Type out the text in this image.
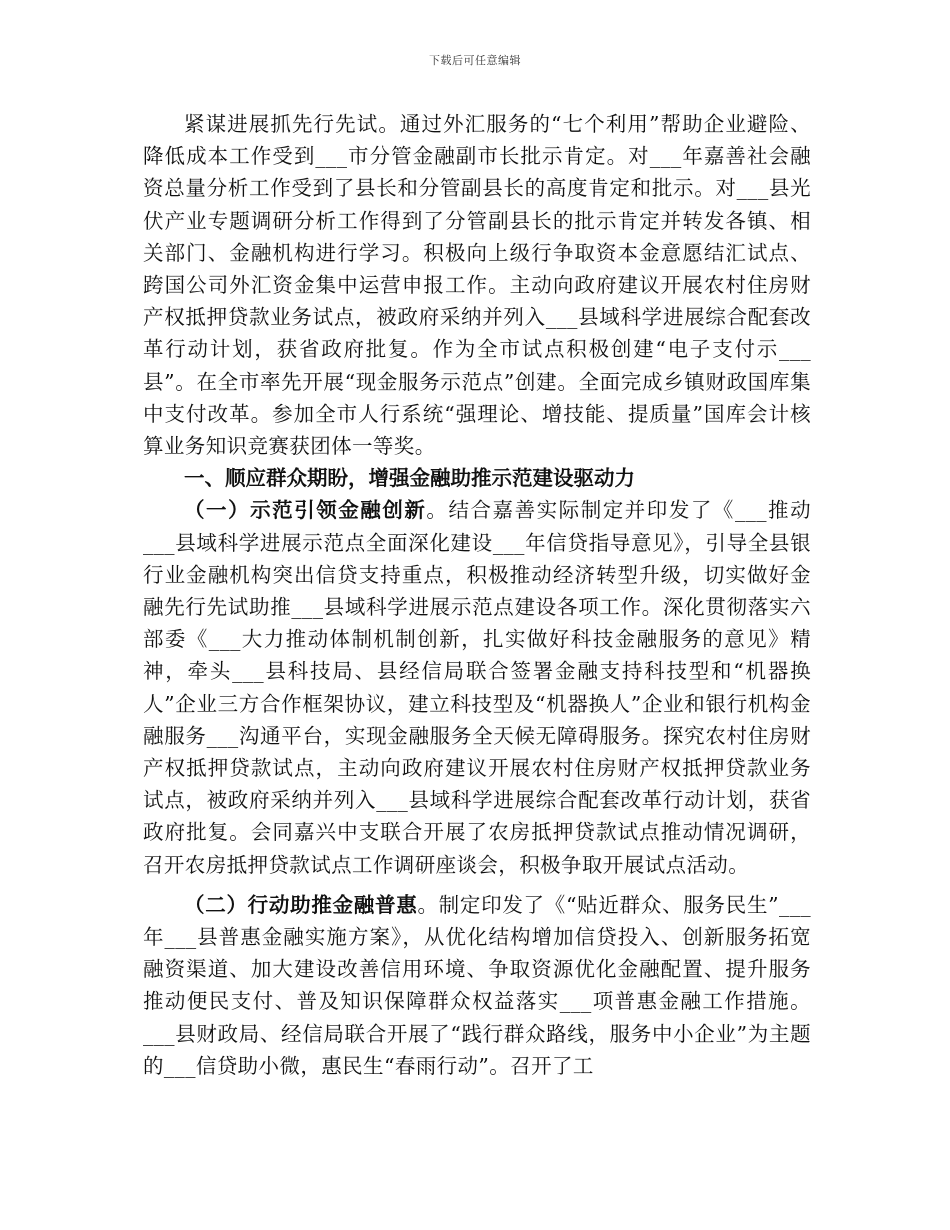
下载后可任意编辑

紧谋进展抓先行先试。通过外汇服务的“七个利用”帮助企业避险、降低成本工作受到___市分管金融副市长批示肯定。对___年嘉善社会融资总量分析工作受到了县长和分管副县长的高度肯定和批示。对___县光伏产业专题调研分析工作得到了分管副县长的批示肯定并转发各镇、相关部门、金融机构进行学习。积极向上级行争取资本金意愿结汇试点、跨国公司外汇资金集中运营申报工作。主动向政府建议开展农村住房财产权抵押贷款业务试点，被政府采纳并列入___县域科学进展综合配套改革行动计划，获省政府批复。作为全市试点积极创建“电子支付示___县”。在全市率先开展“现金服务示范点”创建。全面完成乡镇财政国库集中支付改革。参加全市人行系统“强理论、增技能、提质量”国库会计核算业务知识竞赛获团体一等奖。

一、顺应群众期盼，增强金融助推示范建设驱动力

（一）示范引领金融创新。结合嘉善实际制定并印发了《___推动___县域科学进展示范点全面深化建设___年信贷指导意见》，引导全县银行业金融机构突出信贷支持重点，积极推动经济转型升级，切实做好金融先行先试助推___县域科学进展示范点建设各项工作。深化贯彻落实六部委《___大力推动体制机制创新，扎实做好科技金融服务的意见》精神，牵头___县科技局、县经信局联合签署金融支持科技型和“机器换人”企业三方合作框架协议，建立科技型及“机器换人”企业和银行机构金融服务___沟通平台，实现金融服务全天候无障碍服务。探究农村住房财产权抵押贷款试点，主动向政府建议开展农村住房财产权抵押贷款业务试点，被政府采纳并列入___县域科学进展综合配套改革行动计划，获省政府批复。会同嘉兴中支联合开展了农房抵押贷款试点推动情况调研，召开农房抵押贷款试点工作调研座谈会，积极争取开展试点活动。

（二）行动助推金融普惠。制定印发了《“贴近群众、服务民生”___年___县普惠金融实施方案》，从优化结构增加信贷投入、创新服务拓宽融资渠道、加大建设改善信用环境、争取资源优化金融配置、提升服务推动便民支付、普及知识保障群众权益落实___项普惠金融工作措施。___县财政局、经信局联合开展了“践行群众路线，服务中小企业”为主题的___信贷助小微，惠民生“春雨行动”。召开了工
